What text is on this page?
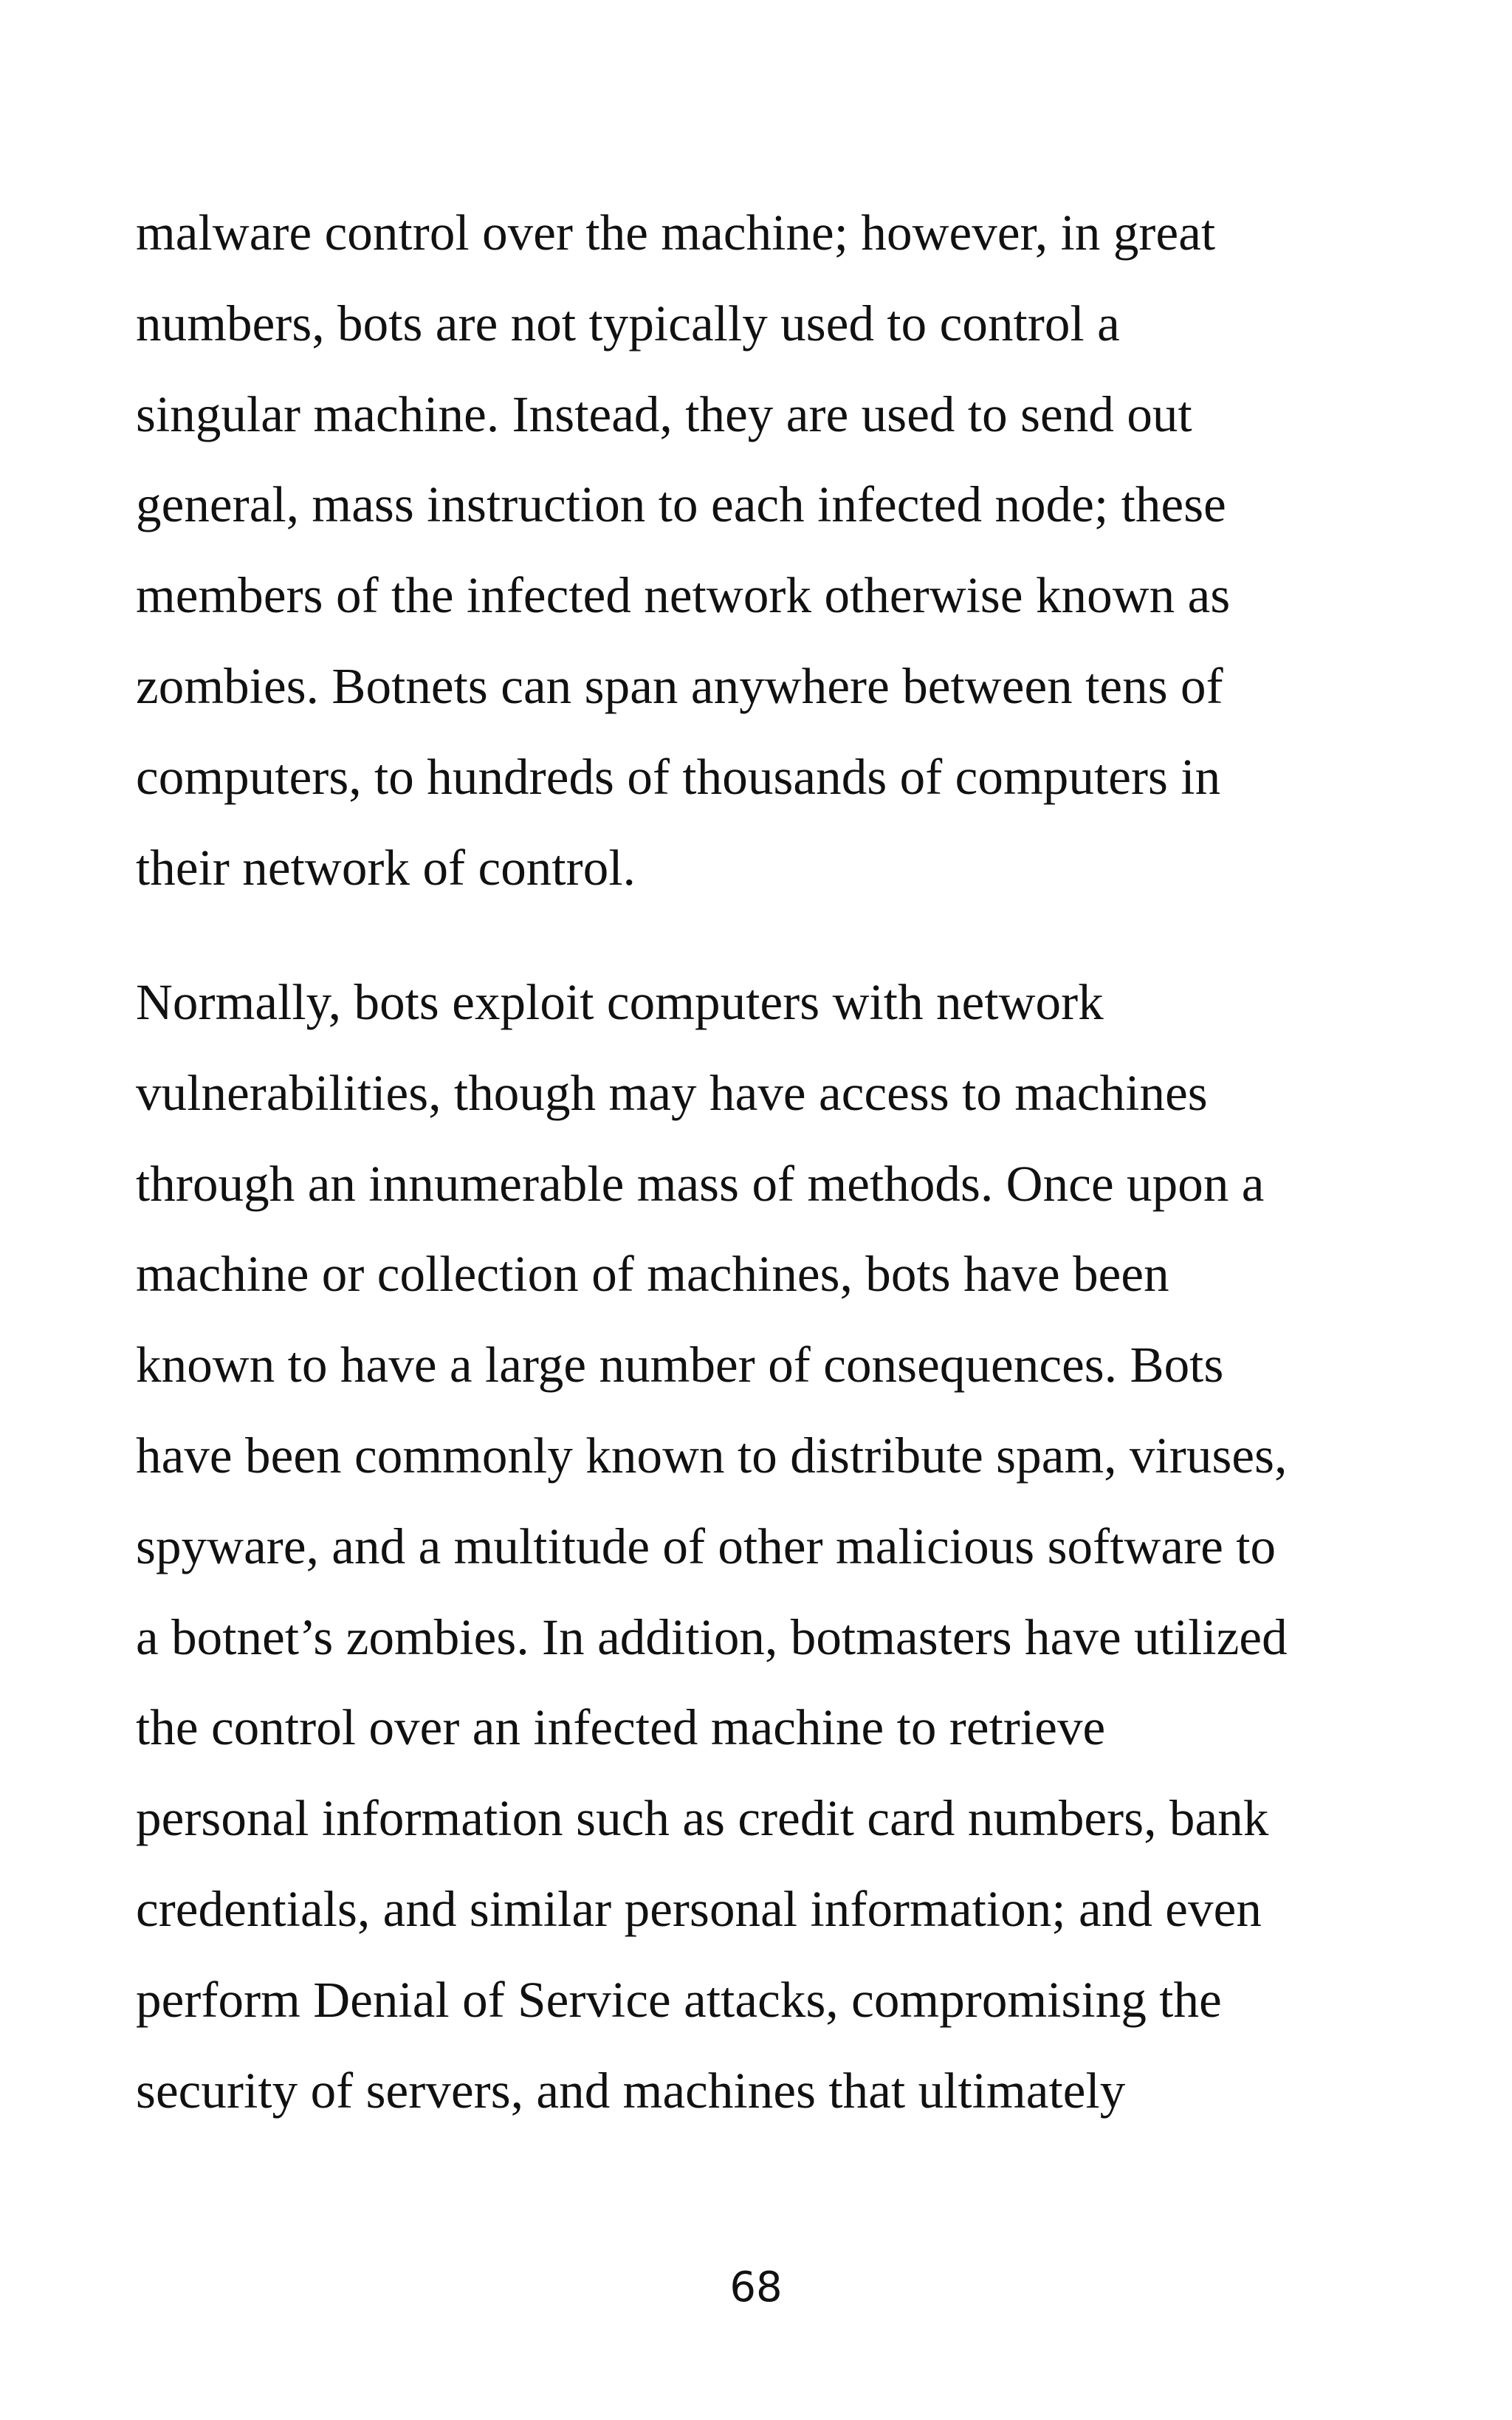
malware control over the machine; however, in great
numbers, bots are not typically used to control a
singular machine. Instead, they are used to send out
general, mass instruction to each infected node; these
members of the infected network otherwise known as
zombies. Botnets can span anywhere between tens of
computers, to hundreds of thousands of computers in
their network of control.
Normally, bots exploit computers with network
vulnerabilities, though may have access to machines
through an innumerable mass of methods. Once upon a
machine or collection of machines, bots have been
known to have a large number of consequences. Bots
have been commonly known to distribute spam, viruses,
spyware, and a multitude of other malicious software to
a botnet’s zombies. In addition, botmasters have utilized
the control over an infected machine to retrieve
personal information such as credit card numbers, bank
credentials, and similar personal information; and even
perform Denial of Service attacks, compromising the
security of servers, and machines that ultimately
68
